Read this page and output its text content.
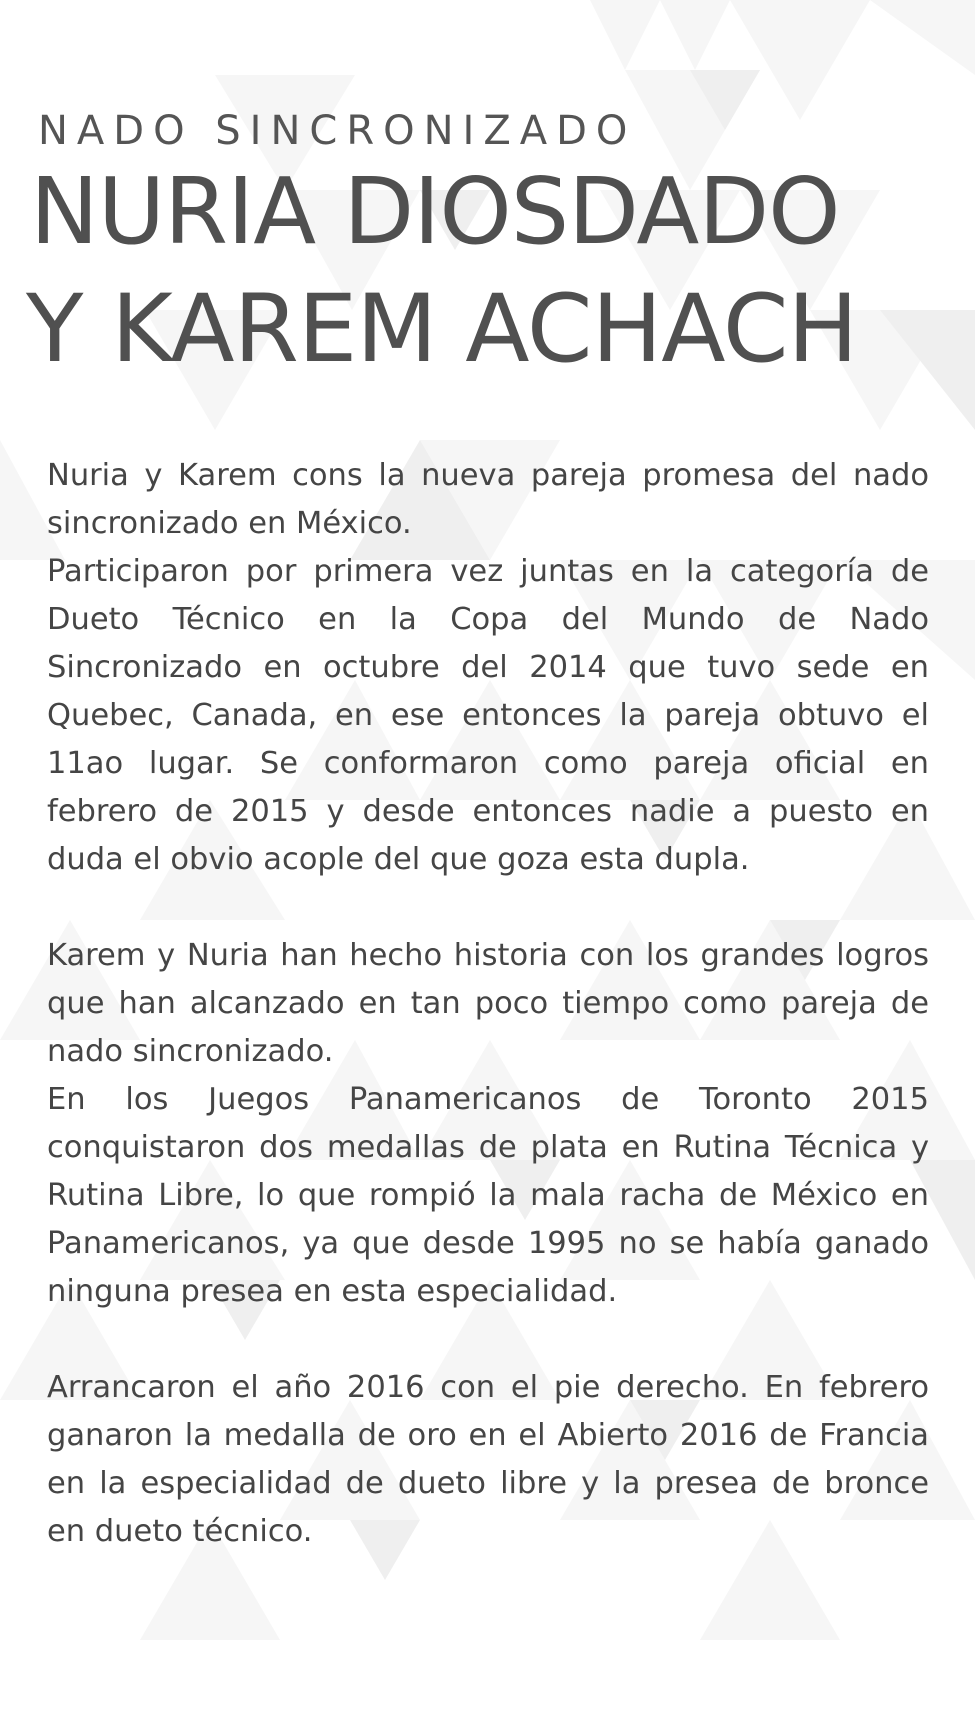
NADO SINCRONIZADO
NURIA DIOSDADO
Y KAREM ACHACH

Nuria y Karem cons la nueva pareja promesa del nado sincronizado en México.

Participaron por primera vez juntas en la categoría de Dueto Técnico en la Copa del Mundo de Nado Sincronizado en octubre del 2014 que tuvo sede en Quebec, Canada, en ese entonces la pareja obtuvo el 11ao lugar. Se conformaron como pareja oficial en febrero de 2015 y desde entonces nadie a puesto en duda el obvio acople del que goza esta dupla.

Karem y Nuria han hecho historia con los grandes logros que han alcanzado en tan poco tiempo como pareja de nado sincronizado.

En los Juegos Panamericanos de Toronto 2015 conquistaron dos medallas de plata en Rutina Técnica y Rutina Libre, lo que rompió la mala racha de México en Panamericanos, ya que desde 1995 no se había ganado ninguna presea en esta especialidad.

Arrancaron el año 2016 con el pie derecho. En febrero ganaron la medalla de oro en el Abierto 2016 de Francia en la especialidad de dueto libre y la presea de bronce en dueto técnico.
